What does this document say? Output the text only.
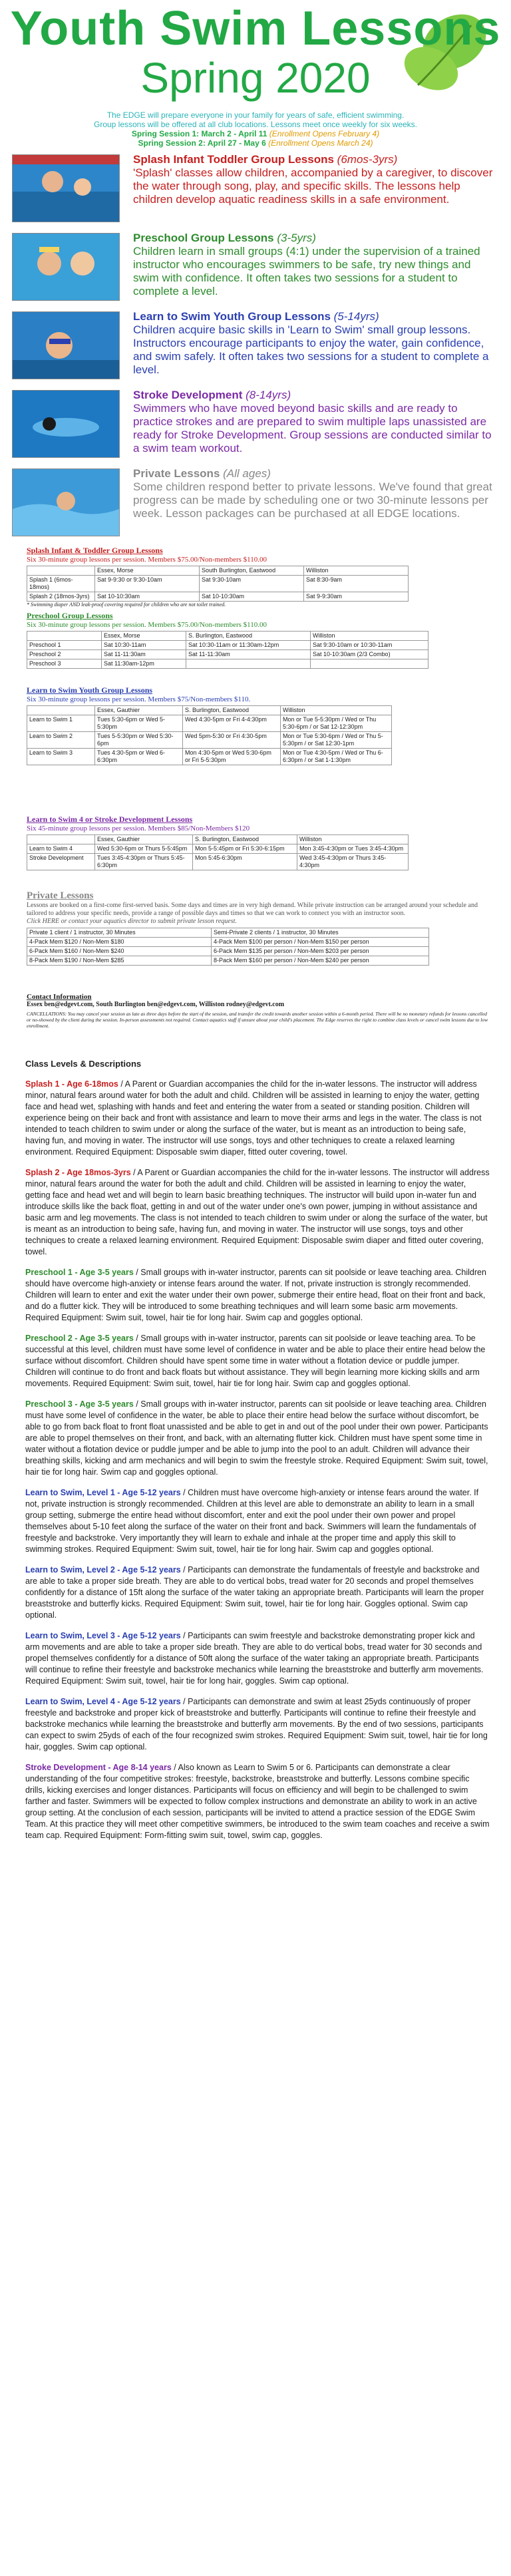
Youth Swim Lessons
Spring 2020
The EDGE will prepare everyone in your family for years of safe, efficient swimming.
Group lessons will be offered at all club locations. Lessons meet once weekly for six weeks.
Spring Session 1: March 2 - April 11 (Enrollment Opens February 4)
Spring Session 2: April 27 - May 6 (Enrollment Opens March 24)
Splash Infant Toddler Group Lessons (6mos-3yrs)
'Splash' classes allow children, accompanied by a caregiver, to discover the water through song, play, and specific skills. The lessons help children develop aquatic readiness skills in a safe environment.
Preschool Group Lessons (3-5yrs)
Children learn in small groups (4:1) under the supervision of a trained instructor who encourages swimmers to be safe, try new things and swim with confidence. It often takes two sessions for a student to complete a level.
Learn to Swim Youth Group Lessons (5-14yrs)
Children acquire basic skills in 'Learn to Swim' small group lessons. Instructors encourage participants to enjoy the water, gain confidence, and swim safely. It often takes two sessions for a student to complete a level.
Stroke Development (8-14yrs)
Swimmers who have moved beyond basic skills and are ready to practice strokes and are prepared to swim multiple laps unassisted are ready for Stroke Development. Group sessions are conducted similar to a swim team workout.
Private Lessons (All ages)
Some children respond better to private lessons. We've found that great progress can be made by scheduling one or two 30-minute lessons per week. Lesson packages can be purchased at all EDGE locations.
Splash Infant & Toddler Group Lessons
Six 30-minute group lessons per session. Members $75.00/Non-members $110.00
	Essex, Morse	South Burlington, Eastwood	Williston
Splash 1 (6mos-18mos)	Sat 9-9:30 or 9:30-10am	Sat 9:30-10am	Sat 8:30-9am
Splash 2 (18mos-3yrs)	Sat 10-10:30am	Sat 10-10:30am	Sat 9-9:30am
* Swimming diaper AND leak-proof covering required for children who are not toilet trained.
Preschool Group Lessons
Six 30-minute group lessons per session. Members $75.00/Non-members $110.00
	Essex, Morse	S. Burlington, Eastwood	Williston
Preschool 1	Sat 10:30-11am	Sat 10:30-11am or 11:30am-12pm	Sat 9:30-10am or 10:30-11am
Preschool 2	Sat 11-11:30am	Sat 11-11:30am	Sat 10-10:30am (2/3 Combo)
Preschool 3	Sat 11:30am-12pm		
Learn to Swim Youth Group Lessons
Six 30-minute group lessons per session. Members $75/Non-members $110.
	Essex, Gauthier	S. Burlington, Eastwood	Williston
Learn to Swim 1	Tues 5:30-6pm or Wed 5-5:30pm	Wed 4:30-5pm or Fri 4-4:30pm	Mon or Tue 5-5:30pm / Wed or Thu 5:30-6pm / or Sat 12-12:30pm
Learn to Swim 2	Tues 5-5:30pm or Wed 5:30-6pm	Wed 5pm-5:30 or Fri 4:30-5pm	Mon or Tue 5:30-6pm / Wed or Thu 5-5:30pm / or Sat 12:30-1pm
Learn to Swim 3	Tues 4:30-5pm or Wed 6-6:30pm	Mon 4:30-5pm or Wed 5:30-6pm or Fri 5-5:30pm	Mon or Tue 4:30-5pm / Wed or Thu 6-6:30pm / or Sat 1-1:30pm
Learn to Swim 4 or Stroke Development Lessons
Six 45-minute group lessons per session. Members $85/Non-Members $120
	Essex, Gauthier	S. Burlington, Eastwood	Williston
Learn to Swim 4	Wed 5:30-6pm or Thurs 5-5:45pm	Mon 5-5:45pm or Fri 5:30-6:15pm	Mon 3:45-4:30pm or Tues 3:45-4:30pm
Stroke Development	Tues 3:45-4:30pm or Thurs 5:45-6:30pm	Mon 5:45-6:30pm	Wed 3:45-4:30pm or Thurs 3:45-4:30pm
Private Lessons
Lessons are booked on a first-come first-served basis. Some days and times are in very high demand. While private instruction can be arranged around your schedule and tailored to address your specific needs, provide a range of possible days and times so that we can work to connect you with an instructor soon.
Click HERE or contact your aquatics director to submit private lesson request.
Private 1 client / 1 instructor, 30 Minutes	Semi-Private 2 clients / 1 instructor, 30 Minutes
4-Pack Mem $120 / Non-Mem $180	4-Pack Mem $100 per person / Non-Mem $150 per person
6-Pack Mem $160 / Non-Mem $240	6-Pack Mem $135 per person / Non-Mem $203 per person
8-Pack Mem $190 / Non-Mem $285	8-Pack Mem $160 per person / Non-Mem $240 per person
Contact Information
Essex ben@edgevt.com, South Burlington ben@edgevt.com, Williston rodney@edgevt.com
CANCELLATIONS: You may cancel your session as late as three days before the start of the session, and transfer the credit towards another session within a 6-month period. There will be no monetary refunds for lessons cancelled or no-showed by the client during the session. In-person assessments not required. Contact aquatics staff if unsure about your child's placement. The Edge reserves the right to combine class levels or cancel swim lessons due to low enrollment.

Class Levels & Descriptions

Splash 1 - Age 6-18mos / A Parent or Guardian accompanies the child for the in-water lessons. The instructor will address minor, natural fears around water for both the adult and child. Children will be assisted in learning to enjoy the water, getting face and head wet, splashing with hands and feet and entering the water from a seated or standing position. Children will experience being on their back and front with assistance and learn to move their arms and legs in the water. The class is not intended to teach children to swim under or along the surface of the water, but is meant as an introduction to being safe, having fun, and moving in water. The instructor will use songs, toys and other techniques to create a relaxed learning environment. Required Equipment: Disposable swim diaper, fitted outer covering, towel.

Splash 2 - Age 18mos-3yrs / A Parent or Guardian accompanies the child for the in-water lessons. The instructor will address minor, natural fears around the water for both the adult and child. Children will be assisted in learning to enjoy the water, getting face and head wet and will begin to learn basic breathing techniques. The instructor will build upon in-water fun and introduce skills like the back float, getting in and out of the water under one's own power, jumping in without assistance and basic arm and leg movements. The class is not intended to teach children to swim under or along the surface of the water, but is meant as an introduction to being safe, having fun, and moving in water. The instructor will use songs, toys and other techniques to create a relaxed learning environment. Required Equipment: Disposable swim diaper and fitted outer covering, towel.

Preschool 1 - Age 3-5 years / Small groups with in-water instructor, parents can sit poolside or leave teaching area. Children should have overcome high-anxiety or intense fears around the water. If not, private instruction is strongly recommended. Children will learn to enter and exit the water under their own power, submerge their entire head, float on their front and back, and do a flutter kick. They will be introduced to some breathing techniques and will learn some basic arm movements. Required Equipment: Swim suit, towel, hair tie for long hair. Swim cap and goggles optional.

Preschool 2 - Age 3-5 years / Small groups with in-water instructor, parents can sit poolside or leave teaching area. To be successful at this level, children must have some level of confidence in water and be able to place their entire head below the surface without discomfort. Children should have spent some time in water without a flotation device or puddle jumper. Children will continue to do front and back floats but without assistance. They will begin learning more kicking skills and arm movements. Required Equipment: Swim suit, towel, hair tie for long hair. Swim cap and goggles optional.

Preschool 3 - Age 3-5 years / Small groups with in-water instructor, parents can sit poolside or leave teaching area. Children must have some level of confidence in the water, be able to place their entire head below the surface without discomfort, be able to go from back float to front float unassisted and be able to get in and out of the pool under their own power. Participants are able to propel themselves on their front, and back, with an alternating flutter kick. Children must have spent some time in water without a flotation device or puddle jumper and be able to jump into the pool to an adult. Children will advance their breathing skills, kicking and arm mechanics and will begin to swim the freestyle stroke. Required Equipment: Swim suit, towel, hair tie for long hair. Swim cap and goggles optional.

Learn to Swim, Level 1 - Age 5-12 years / Children must have overcome high-anxiety or intense fears around the water. If not, private instruction is strongly recommended. Children at this level are able to demonstrate an ability to learn in a small group setting, submerge the entire head without discomfort, enter and exit the pool under their own power and propel themselves about 5-10 feet along the surface of the water on their front and back. Swimmers will learn the fundamentals of freestyle and backstroke. Very importantly they will learn to exhale and inhale at the proper time and apply this skill to swimming strokes. Required Equipment: Swim suit, towel, hair tie for long hair. Swim cap and goggles optional.

Learn to Swim, Level 2 - Age 5-12 years / Participants can demonstrate the fundamentals of freestyle and backstroke and are able to take a proper side breath. They are able to do vertical bobs, tread water for 20 seconds and propel themselves confidently for a distance of 15ft along the surface of the water taking an appropriate breath. Participants will learn the proper breaststroke and butterfly kicks. Required Equipment: Swim suit, towel, hair tie for long hair. Goggles optional. Swim cap optional.

Learn to Swim, Level 3 - Age 5-12 years / Participants can swim freestyle and backstroke demonstrating proper kick and arm movements and are able to take a proper side breath. They are able to do vertical bobs, tread water for 30 seconds and propel themselves confidently for a distance of 50ft along the surface of the water taking an appropriate breath. Participants will continue to refine their freestyle and backstroke mechanics while learning the breaststroke and butterfly arm movements. Required Equipment: Swim suit, towel, hair tie for long hair, goggles. Swim cap optional.

Learn to Swim, Level 4 - Age 5-12 years / Participants can demonstrate and swim at least 25yds continuously of proper freestyle and backstroke and proper kick of breaststroke and butterfly. Participants will continue to refine their freestyle and backstroke mechanics while learning the breaststroke and butterfly arm movements. By the end of two sessions, participants can expect to swim 25yds of each of the four recognized swim strokes. Required Equipment: Swim suit, towel, hair tie for long hair, goggles. Swim cap optional.

Stroke Development - Age 8-14 years / Also known as Learn to Swim 5 or 6. Participants can demonstrate a clear understanding of the four competitive strokes: freestyle, backstroke, breaststroke and butterfly. Lessons combine specific drills, kicking exercises and longer distances. Participants will focus on efficiency and will begin to be challenged to swim farther and faster. Swimmers will be expected to follow complex instructions and demonstrate an ability to work in an active group setting. At the conclusion of each session, participants will be invited to attend a practice session of the EDGE Swim Team. At this practice they will meet other competitive swimmers, be introduced to the swim team coaches and receive a swim team cap. Required Equipment: Form-fitting swim suit, towel, swim cap, goggles.
